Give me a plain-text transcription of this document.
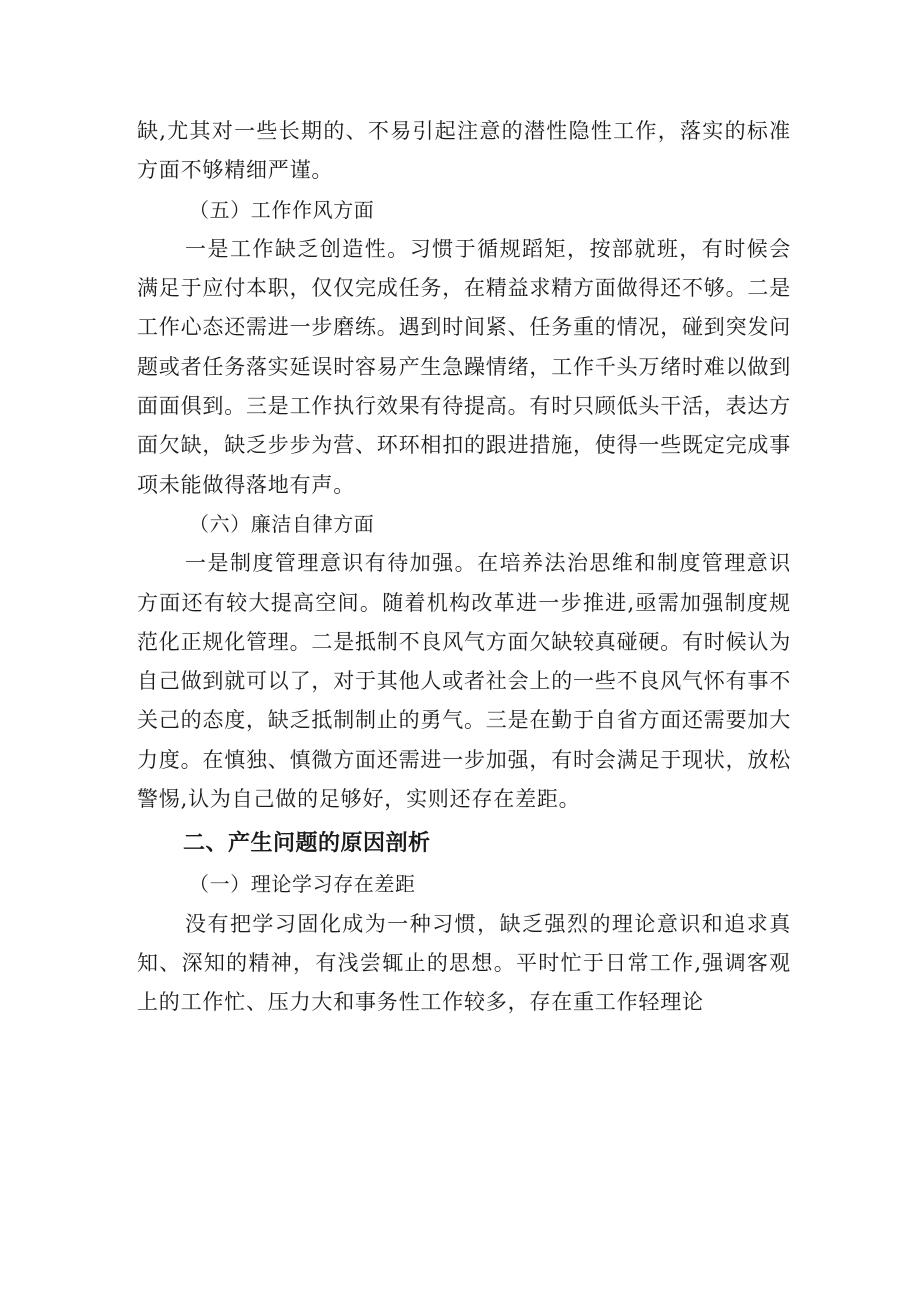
缺,尤其对一些长期的、不易引起注意的潜性隐性工作，落实的标准方面不够精细严谨。

（五）工作作风方面

一是工作缺乏创造性。习惯于循规蹈矩，按部就班，有时候会满足于应付本职，仅仅完成任务，在精益求精方面做得还不够。二是工作心态还需进一步磨练。遇到时间紧、任务重的情况，碰到突发问题或者任务落实延误时容易产生急躁情绪，工作千头万绪时难以做到面面俱到。三是工作执行效果有待提高。有时只顾低头干活，表达方面欠缺，缺乏步步为营、环环相扣的跟进措施，使得一些既定完成事项未能做得落地有声。

（六）廉洁自律方面

一是制度管理意识有待加强。在培养法治思维和制度管理意识方面还有较大提高空间。随着机构改革进一步推进,亟需加强制度规范化正规化管理。二是抵制不良风气方面欠缺较真碰硬。有时候认为自己做到就可以了，对于其他人或者社会上的一些不良风气怀有事不关己的态度，缺乏抵制制止的勇气。三是在勤于自省方面还需要加大力度。在慎独、慎微方面还需进一步加强，有时会满足于现状，放松警惕,认为自己做的足够好，实则还存在差距。

二、产生问题的原因剖析

（一）理论学习存在差距

没有把学习固化成为一种习惯，缺乏强烈的理论意识和追求真知、深知的精神，有浅尝辄止的思想。平时忙于日常工作,强调客观上的工作忙、压力大和事务性工作较多，存在重工作轻理论
